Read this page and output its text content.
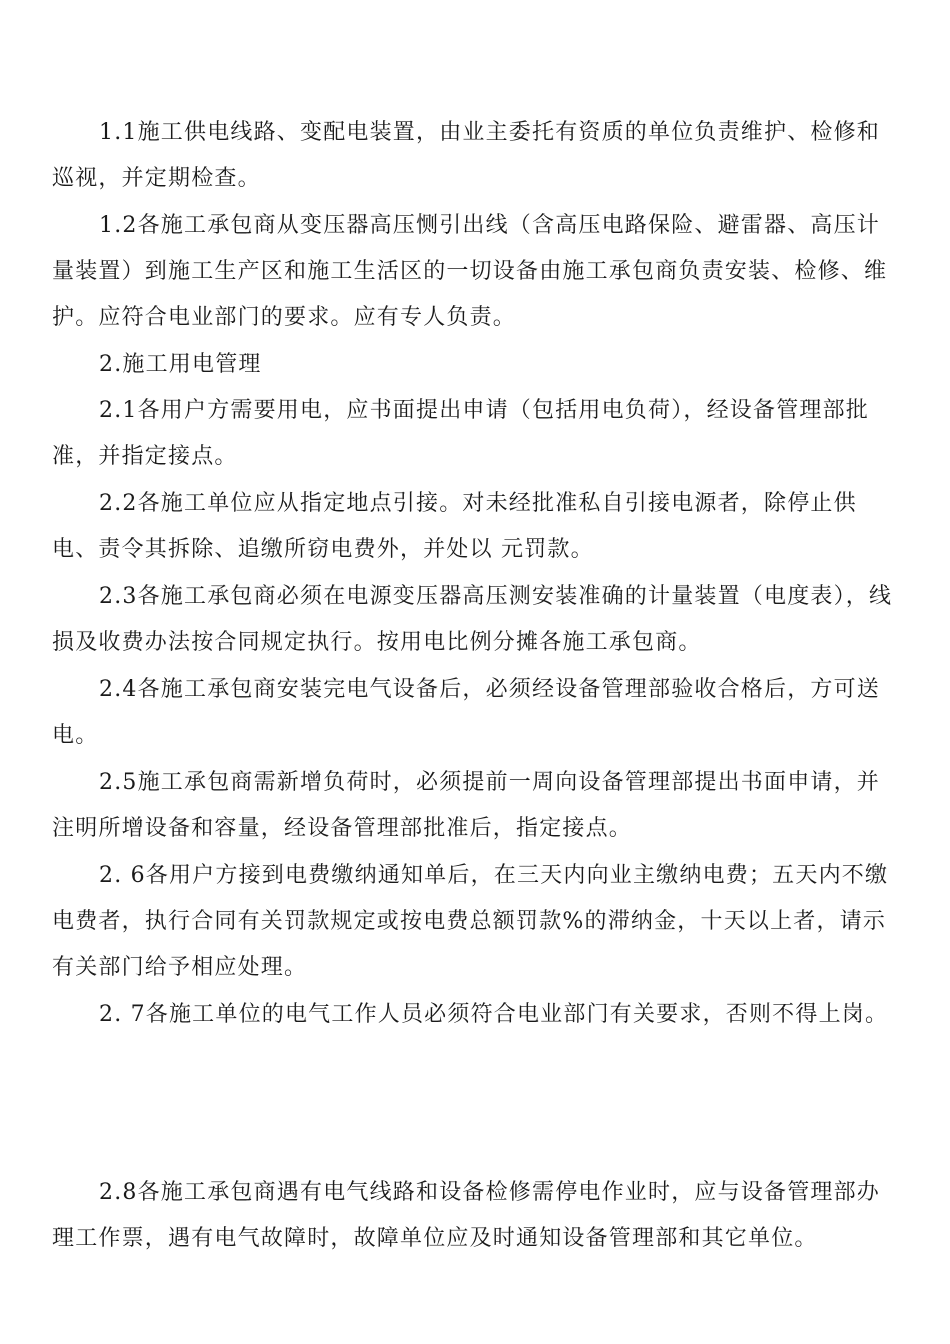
1.1施工供电线路、变配电装置，由业主委托有资质的单位负责维护、检修和巡视，并定期检查。

1.2各施工承包商从变压器高压恻引出线（含高压电路保险、避雷器、高压计量装置）到施工生产区和施工生活区的一切设备由施工承包商负责安装、检修、维护。应符合电业部门的要求。应有专人负责。

2.施工用电管理

2.1各用户方需要用电，应书面提出申请（包括用电负荷），经设备管理部批准，并指定接点。

2.2各施工单位应从指定地点引接。对未经批准私自引接电源者，除停止供电、责令其拆除、追缴所窃电费外，并处以 元罚款。

2.3各施工承包商必须在电源变压器高压测安装准确的计量装置（电度表），线损及收费办法按合同规定执行。按用电比例分摊各施工承包商。

2.4各施工承包商安装完电气设备后，必须经设备管理部验收合格后，方可送电。

2.5施工承包商需新增负荷时，必须提前一周向设备管理部提出书面申请，并注明所增设备和容量，经设备管理部批准后，指定接点。

2. 6各用户方接到电费缴纳通知单后，在三天内向业主缴纳电费；五天内不缴电费者，执行合同有关罚款规定或按电费总额罚款%的滞纳金，十天以上者，请示有关部门给予相应处理。

2. 7各施工单位的电气工作人员必须符合电业部门有关要求，否则不得上岗。

2.8各施工承包商遇有电气线路和设备检修需停电作业时，应与设备管理部办理工作票，遇有电气故障时，故障单位应及时通知设备管理部和其它单位。
